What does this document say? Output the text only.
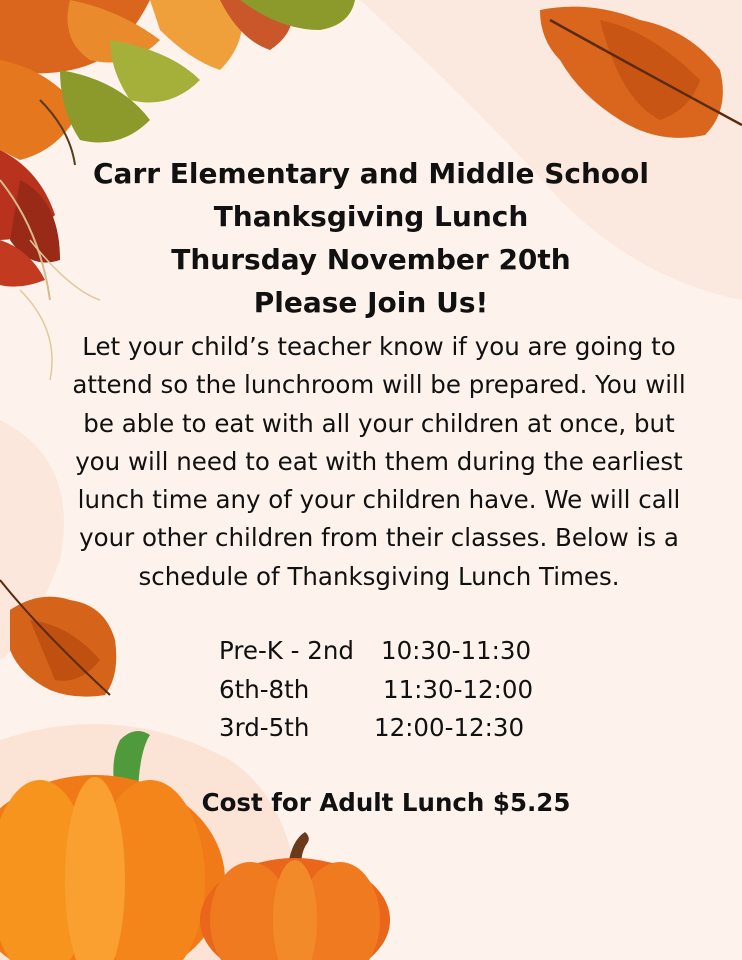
Carr Elementary and Middle School
Thanksgiving Lunch
Thursday November 20th
Please Join Us!
Let your child’s teacher know if you are going to
attend so the lunchroom will be prepared. You will
be able to eat with all your children at once, but
you will need to eat with them during the earliest
lunch time any of your children have. We will call
your other children from their classes. Below is a
schedule of Thanksgiving Lunch Times.
Pre-K - 2nd 10:30-11:30
6th-8th	11:30-12:00
3rd-5th	12:00-12:30
Cost for Adult Lunch $5.25
